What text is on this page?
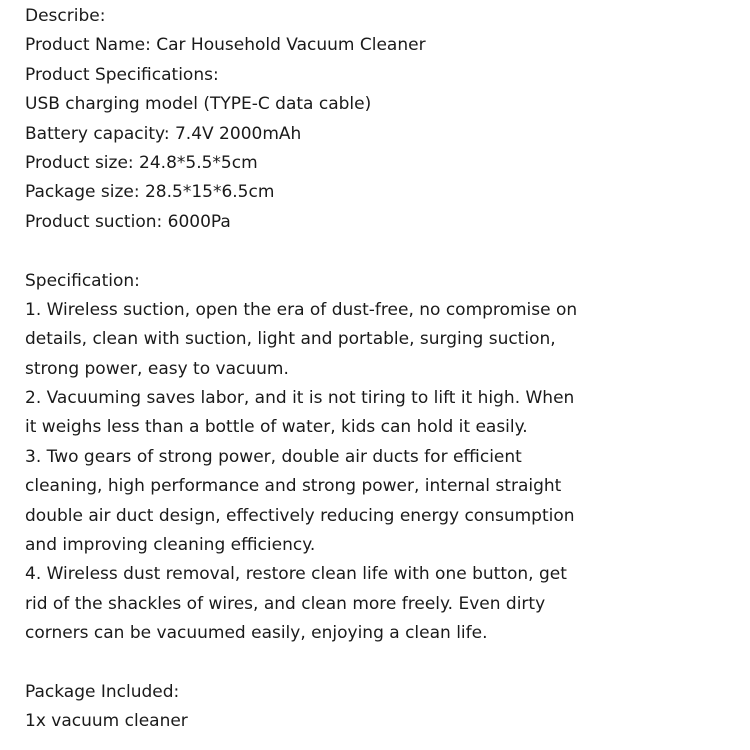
Describe:
Product Name: Car Household Vacuum Cleaner
Product Specifications:
USB charging model (TYPE-C data cable)
Battery capacity: 7.4V 2000mAh
Product size: 24.8*5.5*5cm
Package size: 28.5*15*6.5cm
Product suction: 6000Pa
Specification:
1. Wireless suction, open the era of dust-free, no compromise on
details, clean with suction, light and portable, surging suction,
strong power, easy to vacuum.
2. Vacuuming saves labor, and it is not tiring to lift it high. When
it weighs less than a bottle of water, kids can hold it easily.
3. Two gears of strong power, double air ducts for efficient
cleaning, high performance and strong power, internal straight
double air duct design, effectively reducing energy consumption
and improving cleaning efficiency.
4. Wireless dust removal, restore clean life with one button, get
rid of the shackles of wires, and clean more freely. Even dirty
corners can be vacuumed easily, enjoying a clean life.
Package Included:
1x vacuum cleaner
